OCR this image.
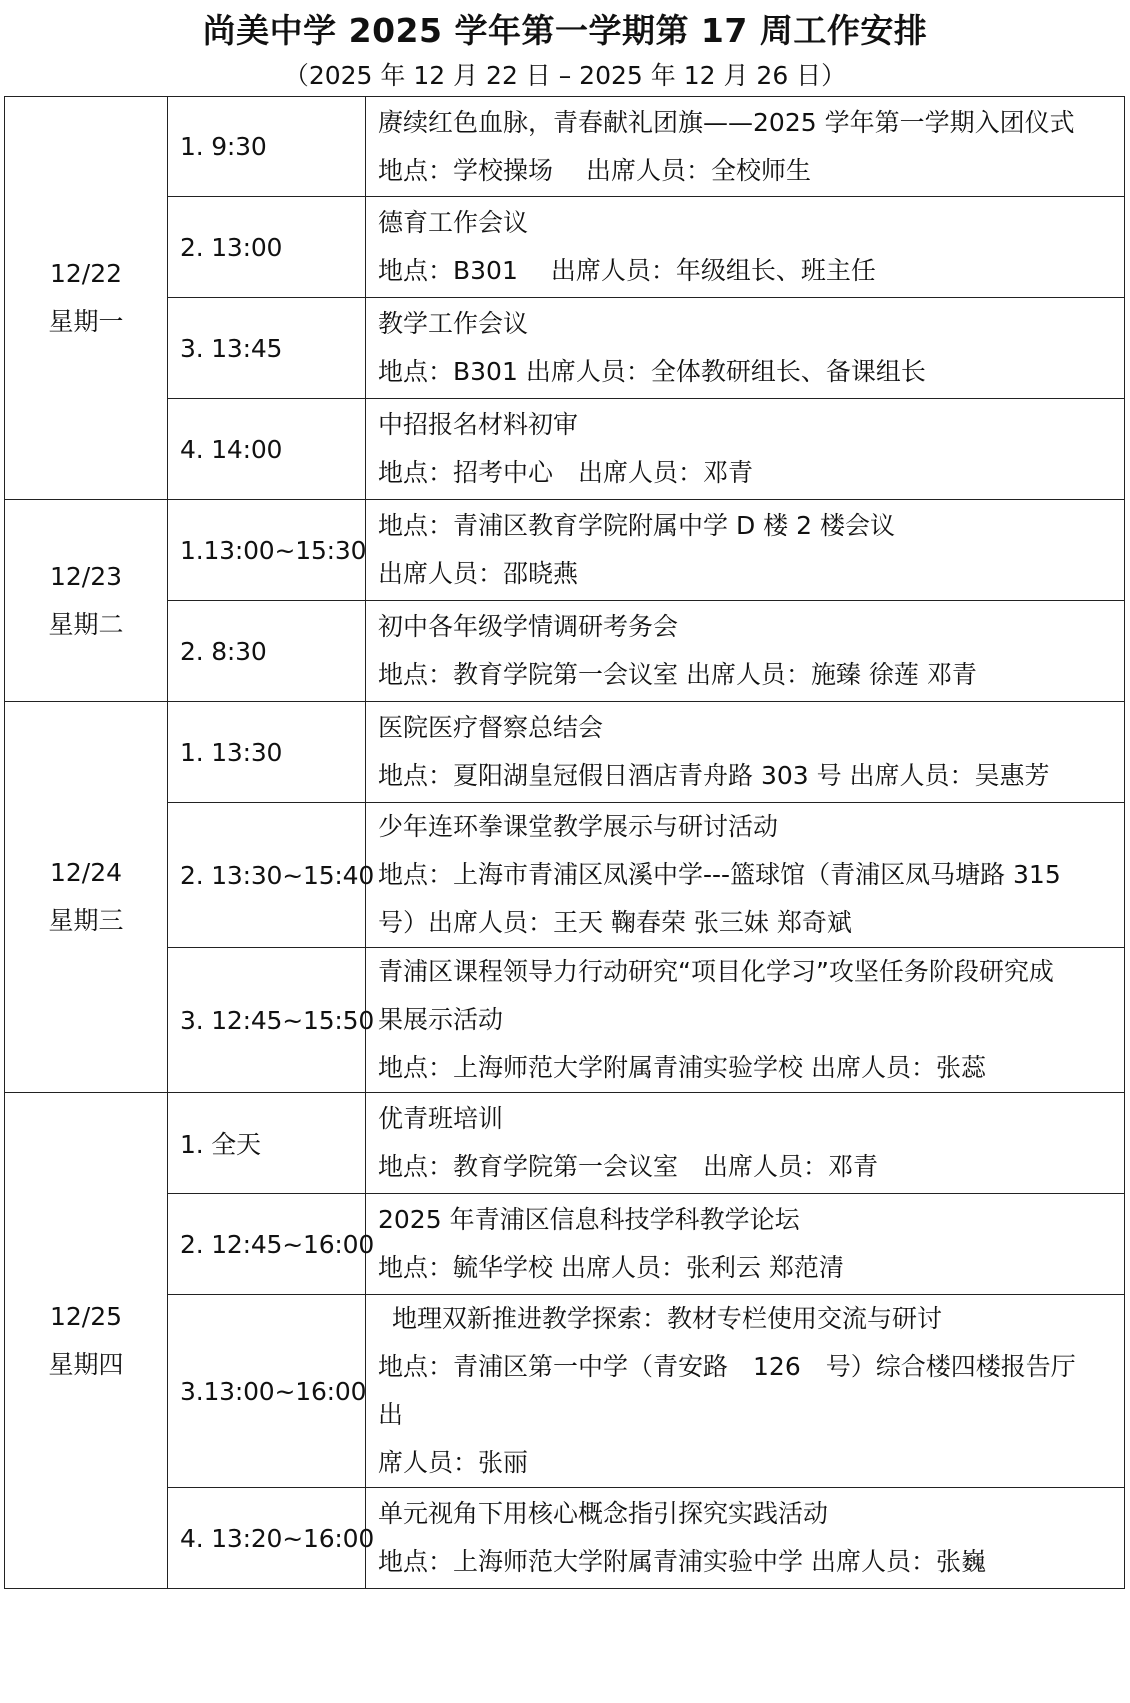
尚美中学 2025 学年第一学期第 17 周工作安排
（2025 年 12 月 22 日 – 2025 年 12 月 26 日）
12/22
星期一	1. 9:30	赓续红色血脉，青春献礼团旗——2025 学年第一学期入团仪式
地点：学校操场　 出席人员：全校师生

	2. 13:00	德育工作会议
地点：B301　 出席人员：年级组长、班主任

	3. 13:45	教学工作会议
地点：B301 出席人员：全体教研组长、备课组长

	4. 14:00	中招报名材料初审
地点：招考中心　出席人员：邓青

12/23
星期二	1.13:00~15:30	地点：青浦区教育学院附属中学 D 楼 2 楼会议
出席人员：邵晓燕

	2. 8:30	初中各年级学情调研考务会
地点：教育学院第一会议室 出席人员：施臻 徐莲 邓青

12/24
星期三	1. 13:30	医院医疗督察总结会
地点：夏阳湖皇冠假日酒店青舟路 303 号 出席人员：吴惠芳

	2. 13:30~15:40	少年连环拳课堂教学展示与研讨活动
地点：上海市青浦区凤溪中学---篮球馆（青浦区凤马塘路 315
号）出席人员：王天 鞠春荣 张三妹 郑奇斌

	3. 12:45~15:50	青浦区课程领导力行动研究“项目化学习”攻坚任务阶段研究成
果展示活动
地点：上海师范大学附属青浦实验学校 出席人员：张蕊

12/25
星期四	1. 全天	优青班培训
地点：教育学院第一会议室　出席人员：邓青

	2. 12:45~16:00	2025 年青浦区信息科技学科教学论坛
地点：毓华学校 出席人员：张利云 郑范清

	3.13:00~16:00	地理双新推进教学探索：教材专栏使用交流与研讨
地点：青浦区第一中学（青安路　126　号）综合楼四楼报告厅　出
席人员：张丽

	4. 13:20~16:00	单元视角下用核心概念指引探究实践活动
地点：上海师范大学附属青浦实验中学 出席人员：张巍
